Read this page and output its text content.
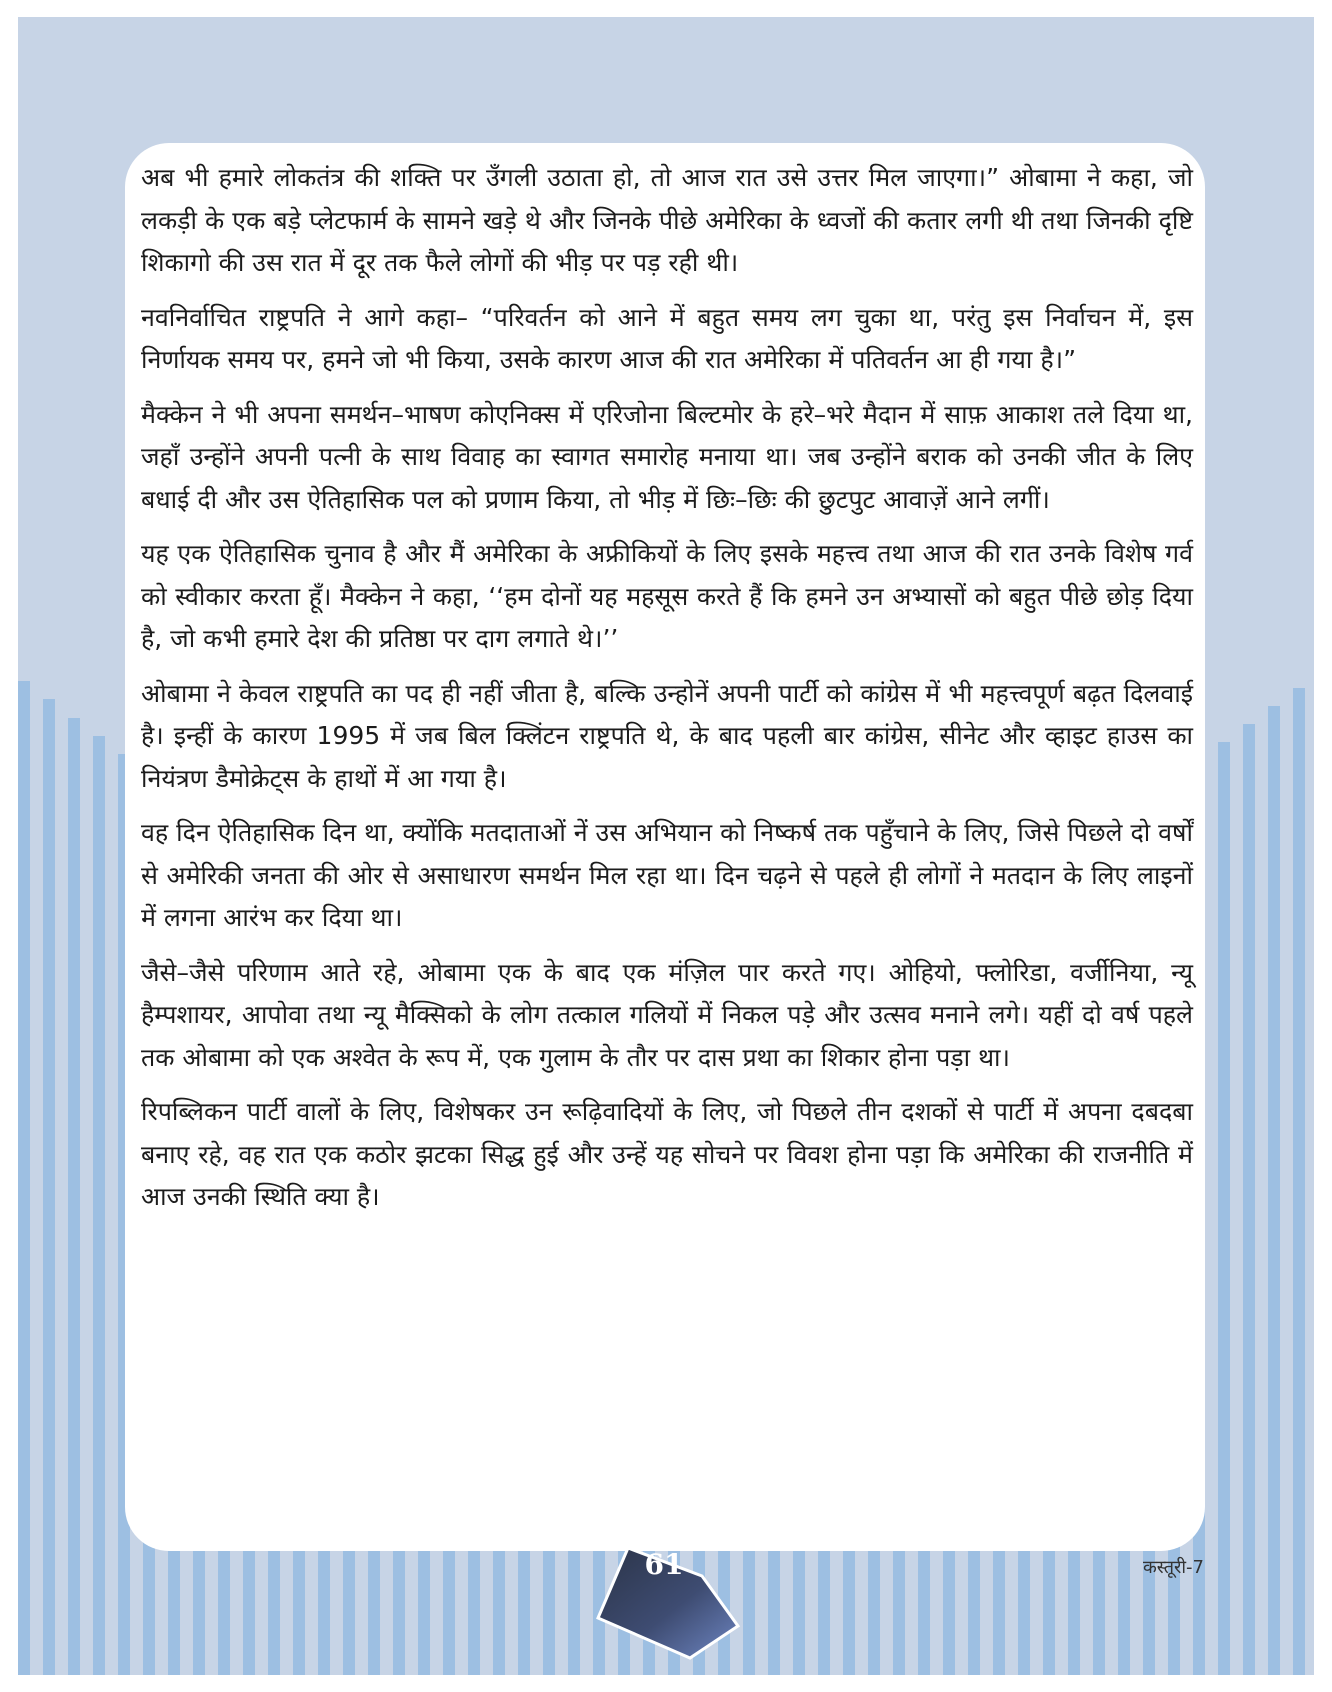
अब भी हमारे लोकतंत्र की शक्ति पर उँगली उठाता हो, तो आज रात उसे उत्तर मिल जाएगा।” ओबामा ने कहा, जो लकड़ी के एक बड़े प्लेटफार्म के सामने खड़े थे और जिनके पीछे अमेरिका के ध्वजों की कतार लगी थी तथा जिनकी दृष्टि शिकागो की उस रात में दूर तक फैले लोगों की भीड़ पर पड़ रही थी।

नवनिर्वाचित राष्ट्रपति ने आगे कहा– “परिवर्तन को आने में बहुत समय लग चुका था, परंतु इस निर्वाचन में, इस निर्णायक समय पर, हमने जो भी किया, उसके कारण आज की रात अमेरिका में पतिवर्तन आ ही गया है।”

मैक्केन ने भी अपना समर्थन–भाषण कोएनिक्स में एरिजोना बिल्टमोर के हरे–भरे मैदान में साफ़ आकाश तले दिया था, जहाँ उन्होंने अपनी पत्नी के साथ विवाह का स्वागत समारोह मनाया था। जब उन्होंने बराक को उनकी जीत के लिए बधाई दी और उस ऐतिहासिक पल को प्रणाम किया, तो भीड़ में छिः–छिः की छुटपुट आवाज़ें आने लगीं।

यह एक ऐतिहासिक चुनाव है और मैं अमेरिका के अफ्रीकियों के लिए इसके महत्त्व तथा आज की रात उनके विशेष गर्व को स्वीकार करता हूँ। मैक्केन ने कहा, ‘‘हम दोनों यह महसूस करते हैं कि हमने उन अभ्यासों को बहुत पीछे छोड़ दिया है, जो कभी हमारे देश की प्रतिष्ठा पर दाग लगाते थे।’’

ओबामा ने केवल राष्ट्रपति का पद ही नहीं जीता है, बल्कि उन्होनें अपनी पार्टी को कांग्रेस में भी महत्त्वपूर्ण बढ़त दिलवाई है। इन्हीं के कारण 1995 में जब बिल क्लिंटन राष्ट्रपति थे, के बाद पहली बार कांग्रेस, सीनेट और व्हाइट हाउस का नियंत्रण डैमोक्रेट्स के हाथों में आ गया है।

वह दिन ऐतिहासिक दिन था, क्योंकि मतदाताओं नें उस अभियान को निष्कर्ष तक पहुँचाने के लिए, जिसे पिछले दो वर्षों से अमेरिकी जनता की ओर से असाधारण समर्थन मिल रहा था। दिन चढ़ने से पहले ही लोगों ने मतदान के लिए लाइनों में लगना आरंभ कर दिया था।

जैसे–जैसे परिणाम आते रहे, ओबामा एक के बाद एक मंज़िल पार करते गए। ओहियो, फ्लोरिडा, वर्जीनिया, न्यू हैम्पशायर, आपोवा तथा न्यू मैक्सिको के लोग तत्काल गलियों में निकल पड़े और उत्सव मनाने लगे। यहीं दो वर्ष पहले तक ओबामा को एक अश्वेत के रूप में, एक गुलाम के तौर पर दास प्रथा का शिकार होना पड़ा था।

रिपब्लिकन पार्टी वालों के लिए, विशेषकर उन रूढ़िवादियों के लिए, जो पिछले तीन दशकों से पार्टी में अपना दबदबा बनाए रहे, वह रात एक कठोर झटका सिद्ध हुई और उन्हें यह सोचने पर विवश होना पड़ा कि अमेरिका की राजनीति में आज उनकी स्थिति क्या है।

कस्तूरी-7
61
